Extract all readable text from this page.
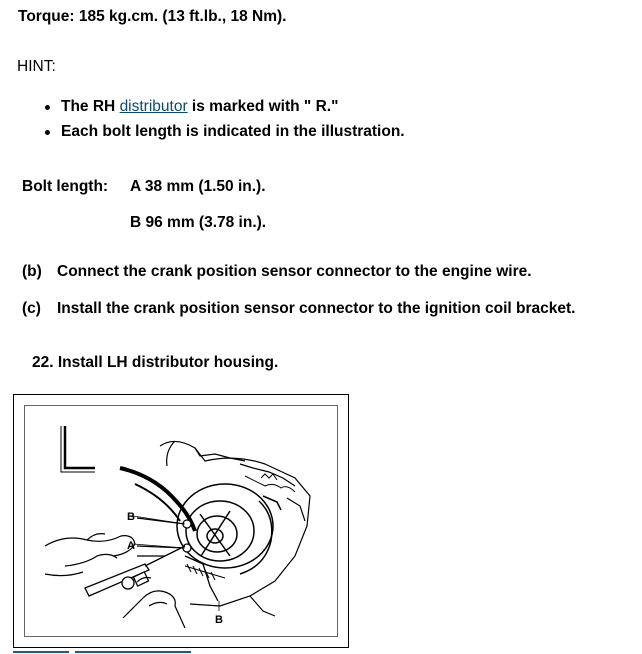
Torque: 185 kg.cm. (13 ft.lb., 18 Nm).
HINT:
The RH distributor is marked with " R."
Each bolt length is indicated in the illustration.
Bolt length: A 38 mm (1.50 in.).
B 96 mm (3.78 in.).
(b) Connect the crank position sensor connector to the engine wire.
(c) Install the crank position sensor connector to the ignition coil bracket.
22. Install LH distributor housing.
B
A
B
